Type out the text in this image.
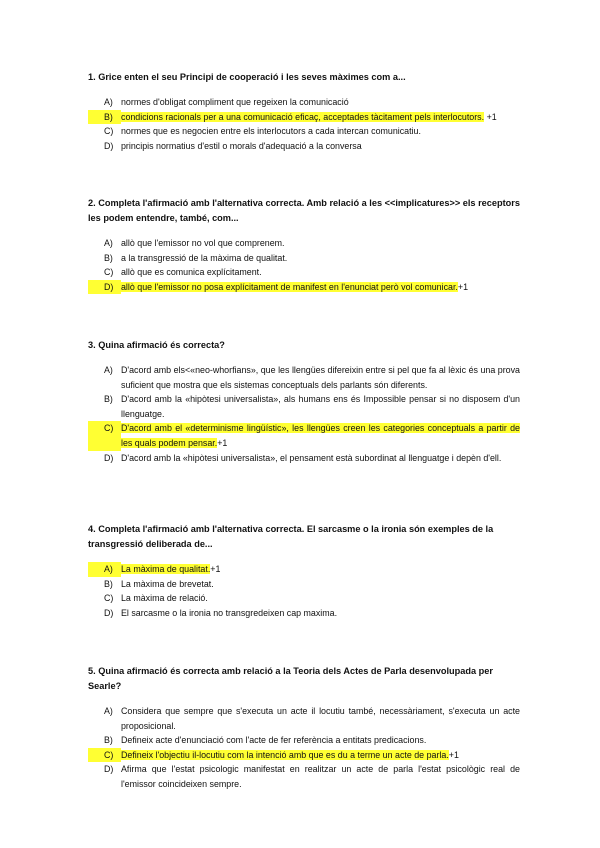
1. Grice enten el seu Principi de cooperació i les seves màximes com a...

A) normes d'obligat compliment que regeixen la comunicació
B) condicions racionals per a una comunicació eficaç, acceptades tàcitament pels interlocutors. +1
C) normes que es negocien entre els interlocutors a cada intercan comunicatiu.
D) principis normatius d'estil o morals d'adequació a la conversa

2. Completa l'afirmació amb l'alternativa correcta. Amb relació a les <<implicatures>> els receptors les podem entendre, també, com...

A) allò que l'emissor no vol que comprenem.
B) a la transgressió de la màxima de qualitat.
C) allò que es comunica explícitament.
D) allò que l'emissor no posa explícitament de manifest en l'enunciat però vol comunicar.+1

3. Quina afirmació és correcta?

A) D'acord amb els<«neo-whorfians», que les llengües difereixin entre si pel que fa al lèxic és una prova suficient que mostra que els sistemas conceptuals dels parlants són diferents.
B) D'acord amb la «hipòtesi universalista», als humans ens és Impossible pensar si no disposem d'un llenguatge.
C) D'acord amb el «determinisme lingüístic», les llengües creen les categories conceptuals a partir de les quals podem pensar.+1
D) D'acord amb la «hipòtesi universalista», el pensament està subordinat al llenguatge i depèn d'ell.

4. Completa l'afirmació amb l'alternativa correcta. El sarcasme o la ironia són exemples de la transgressió deliberada de...

A) La màxima de qualitat.+1
B) La màxima de brevetat.
C) La màxima de relació.
D) El sarcasme o la ironia no transgredeixen cap maxima.

5. Quina afirmació és correcta amb relació a la Teoria dels Actes de Parla desenvolupada per Searle?

A) Considera que sempre que s'executa un acte il locutiu també, necessàriament, s'executa un acte proposicional.
B) Defineix acte d'enunciació com l'acte de fer referència a entitats predicacions.
C) Defineix l'objectiu il-locutiu com la intenció amb que es du a terme un acte de parla.+1
D) Afirma que l'estat psicologic manifestat en realitzar un acte de parla l'estat psicològic real de l'emissor coincideixen sempre.
